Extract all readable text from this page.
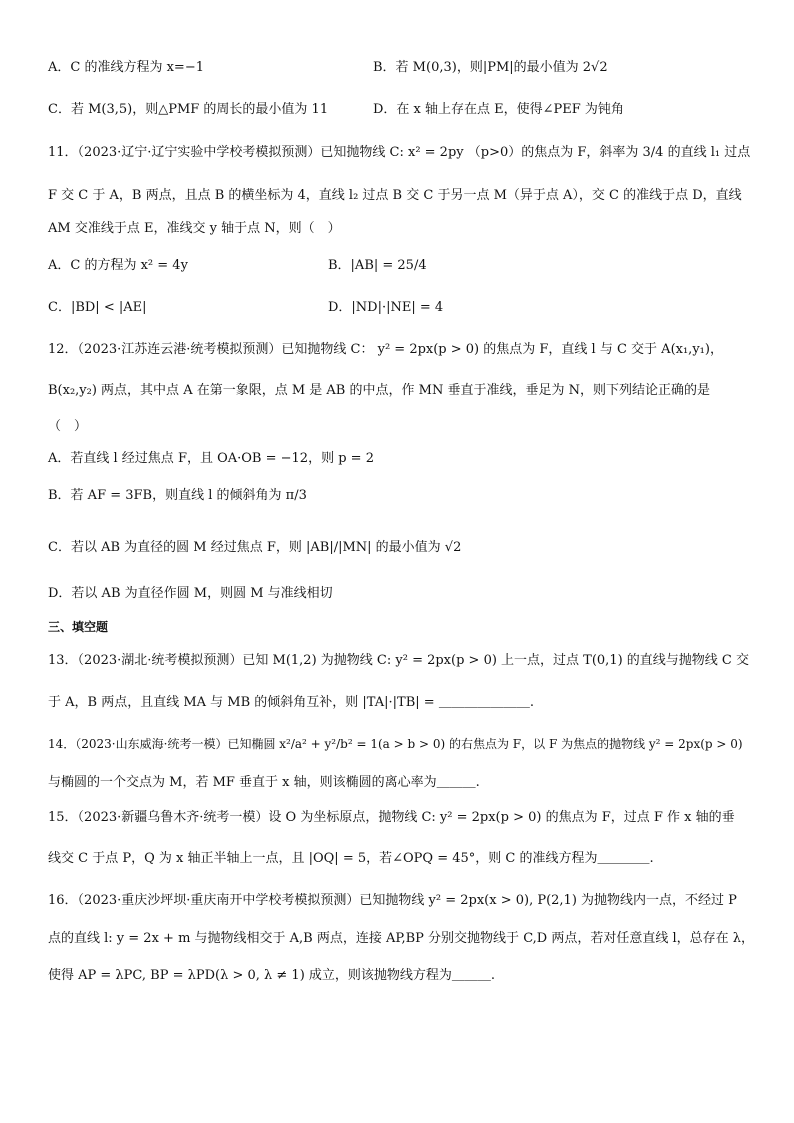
A．C 的准线方程为 x=−1	B．若 M(0,3)，则|PM|的最小值为 2√2
C．若 M(3,5)，则△PMF 的周长的最小值为 11	D．在 x 轴上存在点 E，使得∠PEF 为钝角
11．（2023·辽宁·辽宁实验中学校考模拟预测）已知抛物线 C: x² = 2py （p>0）的焦点为 F，斜率为 3/4 的直线 l₁ 过点
F 交 C 于 A，B 两点，且点 B 的横坐标为 4，直线 l₂ 过点 B 交 C 于另一点 M（异于点 A），交 C 的准线于点 D，直线
AM 交准线于点 E，准线交 y 轴于点 N，则（　）
A．C 的方程为 x² = 4y	B．|AB| = 25/4
C．|BD| < |AE|	D．|ND|·|NE| = 4
12．（2023·江苏连云港·统考模拟预测）已知抛物线 C： y² = 2px(p > 0) 的焦点为 F，直线 l 与 C 交于 A(x₁,y₁)，
B(x₂,y₂) 两点，其中点 A 在第一象限，点 M 是 AB 的中点，作 MN 垂直于准线，垂足为 N，则下列结论正确的是
（　）
A．若直线 l 经过焦点 F，且 OA·OB = −12，则 p = 2
B．若 AF = 3FB，则直线 l 的倾斜角为 π/3
C．若以 AB 为直径的圆 M 经过焦点 F，则 |AB|/|MN| 的最小值为 √2
D．若以 AB 为直径作圆 M，则圆 M 与准线相切
三、填空题
13．（2023·湖北·统考模拟预测）已知 M(1,2) 为抛物线 C: y² = 2px(p > 0) 上一点，过点 T(0,1) 的直线与抛物线 C 交
于 A，B 两点，且直线 MA 与 MB 的倾斜角互补，则 |TA|·|TB| = ＿＿＿＿＿＿＿.
14．（2023·山东威海·统考一模）已知椭圆 x²/a² + y²/b² = 1(a > b > 0) 的右焦点为 F，以 F 为焦点的抛物线 y² = 2px(p > 0)
与椭圆的一个交点为 M，若 MF 垂直于 x 轴，则该椭圆的离心率为＿＿＿.
15．（2023·新疆乌鲁木齐·统考一模）设 O 为坐标原点，抛物线 C: y² = 2px(p > 0) 的焦点为 F，过点 F 作 x 轴的垂
线交 C 于点 P，Q 为 x 轴正半轴上一点，且 |OQ| = 5，若∠OPQ = 45°，则 C 的准线方程为＿＿＿＿.
16．（2023·重庆沙坪坝·重庆南开中学校考模拟预测）已知抛物线 y² = 2px(x > 0), P(2,1) 为抛物线内一点，不经过 P
点的直线 l: y = 2x + m 与抛物线相交于 A,B 两点，连接 AP,BP 分别交抛物线于 C,D 两点，若对任意直线 l，总存在 λ，
使得 AP = λPC, BP = λPD(λ > 0, λ ≠ 1) 成立，则该抛物线方程为＿＿＿.
